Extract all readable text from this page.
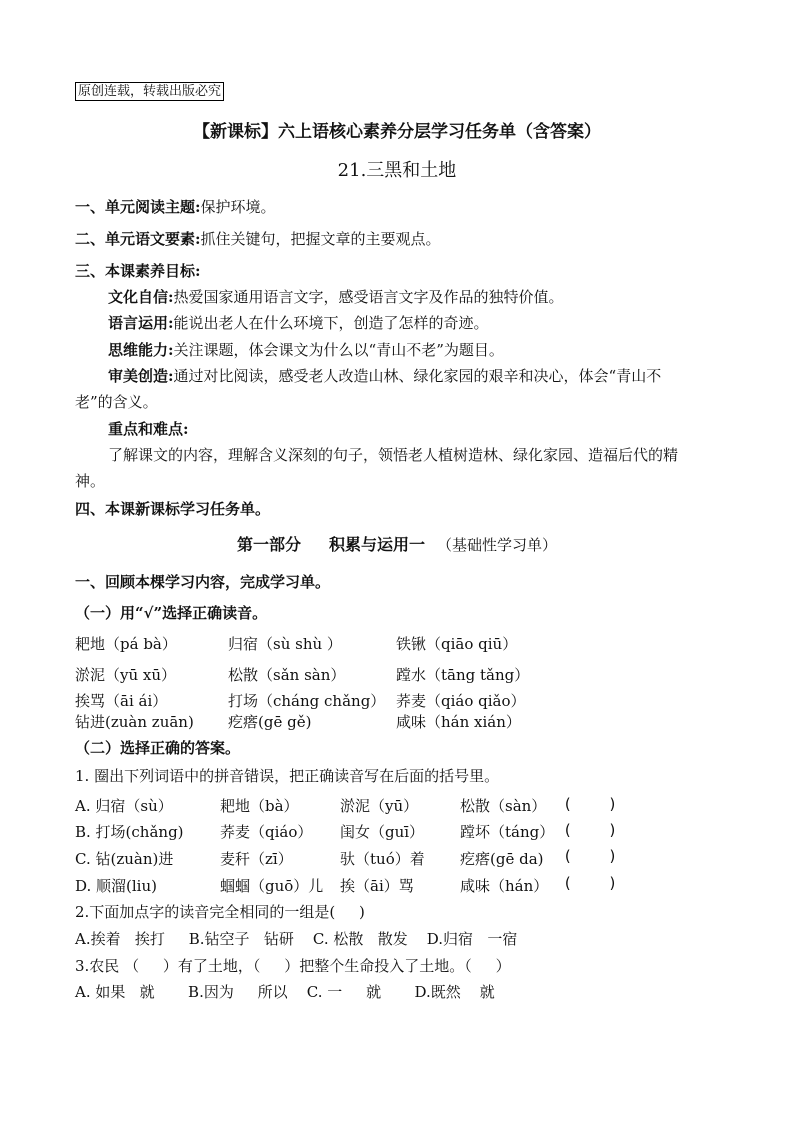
原创连载，转载出版必究
【新课标】六上语核心素养分层学习任务单（含答案）
21.三黑和土地
一、单元阅读主题:保护环境。
二、单元语文要素:抓住关键句，把握文章的主要观点。
三、本课素养目标:
文化自信:热爱国家通用语言文字，感受语言文字及作品的独特价值。
语言运用:能说出老人在什么环境下，创造了怎样的奇迹。
思维能力:关注课题，体会课文为什么以“青山不老”为题目。
审美创造:通过对比阅读，感受老人改造山林、绿化家园的艰辛和决心，体会“青山不
老”的含义。
重点和难点:
了解课文的内容，理解含义深刻的句子，领悟老人植树造林、绿化家园、造福后代的精
神。
四、本课新课标学习任务单。
第一部分 积累与运用一 （基础性学习单）
一、回顾本棵学习内容，完成学习单。
（一）用“√”选择正确读音。
耙地（pá bà）	归宿（sù shù ）	铁锹（qiāo qiū）
淤泥（yū xū）	松散（sǎn sàn）	蹚水（tāng tǎng）
挨骂（āi ái）	打场（cháng chǎng） 荞麦（qiáo qiǎo）
钻进(zuàn zuān) 疙瘩(gē gě)	咸味（hán xián）
（二）选择正确的答案。
1. 圈出下列词语中的拼音错误，把正确读音写在后面的括号里。
A. 归宿（sù）	耙地（bà）	淤泥（yū）	松散（sàn） (    )
B. 打场(chǎng) 荞麦（qiáo） 闺女（guī） 蹚坏（táng） (    )
C. 钻(zuàn)进	麦秆（zī）	驮（tuó）着 疙瘩(gē da) (    )
D. 顺溜(liu)	蝈蝈（guō）儿 挨（āi）骂	咸味（hán） (    )
2.下面加点字的读音完全相同的一组是(     )
A.挨着   挨打     B.钻空子   钻研    C. 松散   散发    D.归宿   一宿
3.农民 （     ）有了土地，（     ）把整个生命投入了土地。（     ）
A. 如果   就       B.因为     所以    C. 一     就       D.既然    就
